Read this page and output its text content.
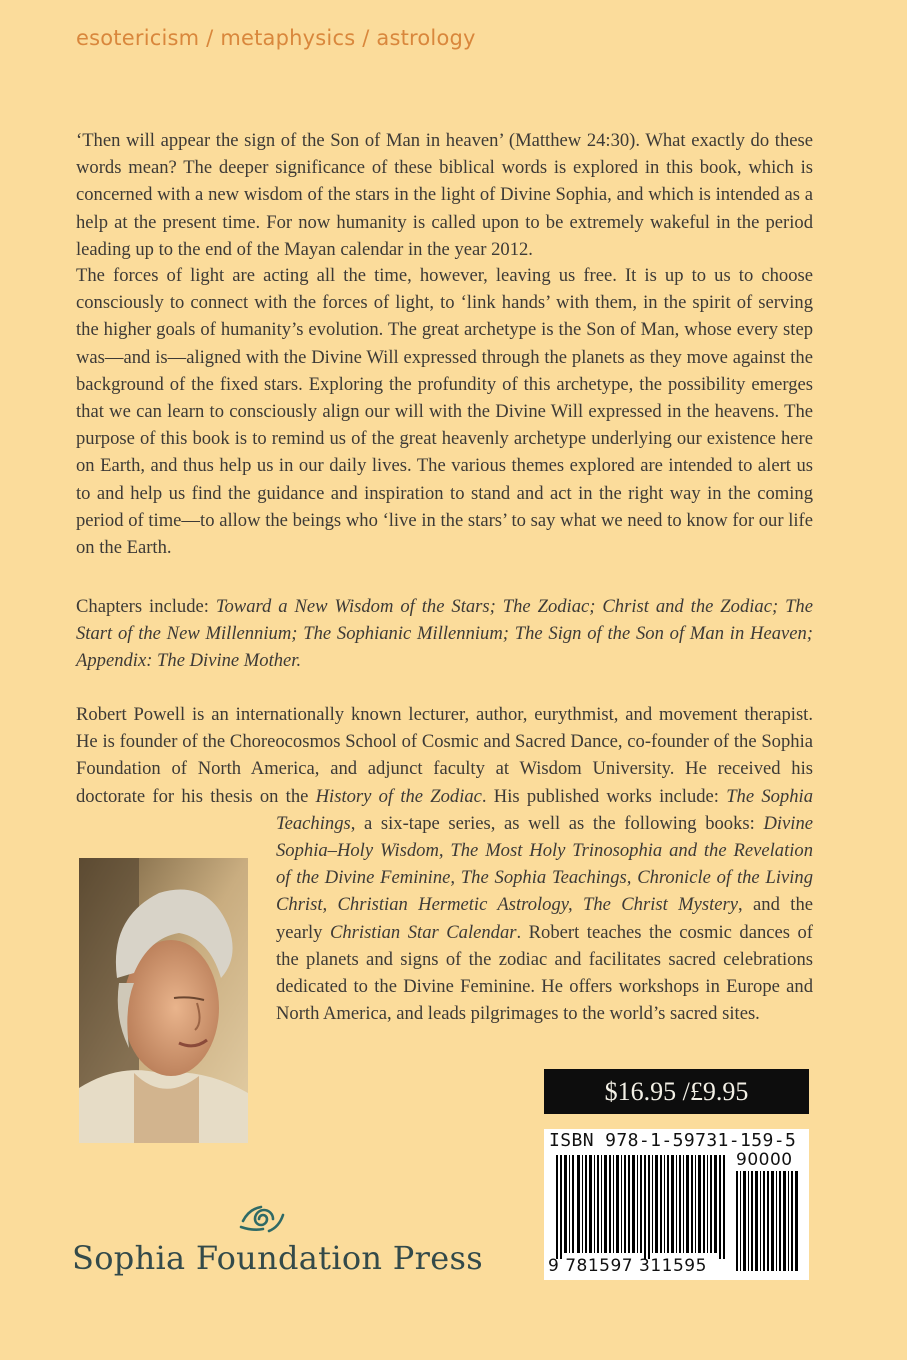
esotericism / metaphysics / astrology

‘Then will appear the sign of the Son of Man in heaven’ (Matthew 24:30). What exactly do these words mean? The deeper significance of these biblical words is explored in this book, which is concerned with a new wisdom of the stars in the light of Divine Sophia, and which is intended as a help at the present time. For now humanity is called upon to be extremely wakeful in the period leading up to the end of the Mayan calendar in the year 2012.

The forces of light are acting all the time, however, leaving us free. It is up to us to choose consciously to connect with the forces of light, to ‘link hands’ with them, in the spirit of serving the higher goals of humanity’s evolution. The great archetype is the Son of Man, whose every step was—and is—aligned with the Divine Will expressed through the planets as they move against the background of the fixed stars. Exploring the profundity of this archetype, the possibility emerges that we can learn to consciously align our will with the Divine Will expressed in the heavens. The purpose of this book is to remind us of the great heavenly archetype underlying our existence here on Earth, and thus help us in our daily lives. The various themes explored are intended to alert us to and help us find the guidance and inspiration to stand and act in the right way in the coming period of time—to allow the beings who ‘live in the stars’ to say what we need to know for our life on the Earth.

Chapters include: Toward a New Wisdom of the Stars; The Zodiac; Christ and the Zodiac; The Start of the New Millennium; The Sophianic Millennium; The Sign of the Son of Man in Heaven; Appendix: The Divine Mother.

Robert Powell is an internationally known lecturer, author, eurythmist, and movement therapist. He is founder of the Choreocosmos School of Cosmic and Sacred Dance, co-founder of the Sophia Foundation of North America, and adjunct faculty at Wisdom University. He received his doctorate for his thesis on the History of the Zodiac. His published works include: The Sophia Teachings, a six-tape series, as well as the following books: Divine Sophia–Holy Wisdom, The Most Holy Trinosophia and the Revelation of the Divine Feminine, The Sophia Teachings, Chronicle of the Living Christ, Christian Hermetic Astrology, The Christ Mystery, and the yearly Christian Star Calendar. Robert teaches the cosmic dances of the planets and signs of the zodiac and facilitates sacred celebrations dedicated to the Divine Feminine. He offers workshops in Europe and North America, and leads pilgrimages to the world’s sacred sites.

$16.95 /£9.95
ISBN 978-1-59731-159-5
90000
9 781597 311595
Sophia Foundation Press
